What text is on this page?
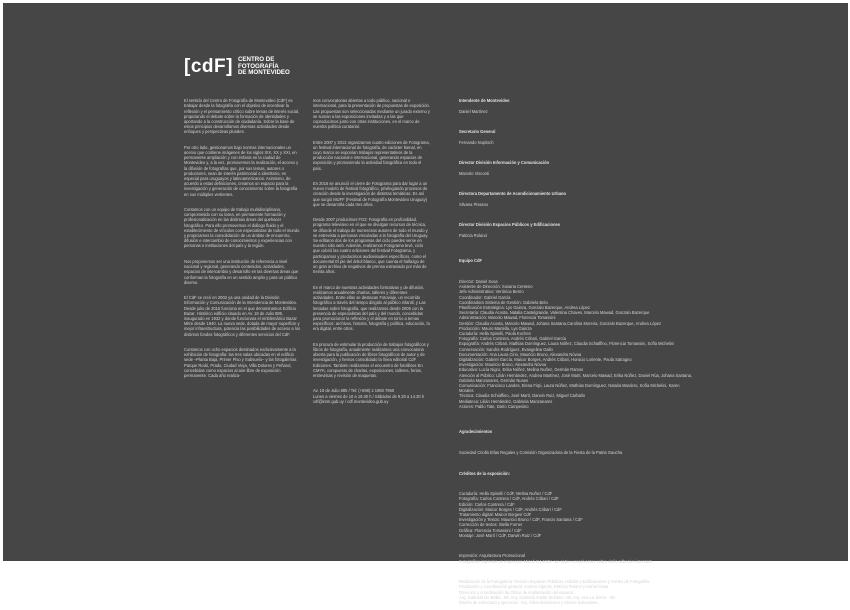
[cdF] CENTRO DE
FOTOGRAFÍA
DE MONTEVIDEO

El sentido del Centro de Fotografía de Montevideo (CdF) es trabajar desde la fotografía con el objetivo de incentivar la reflexión y el pensamiento crítico sobre temas de interés social, propiciando el debate sobre la formación de identidades y aportando a la construcción de ciudadanía. Sobre la base de estos principios desarrollamos diversas actividades desde enfoques y perspectivas plurales.

Por otro lado, gestionamos bajo normas internacionales un acervo que contiene imágenes de los siglos XIX, XX y XXI, en permanente ampliación y con énfasis en la ciudad de Montevideo y, a la vez, promovemos la realización, el acceso y la difusión de fotografías que, por sus temas, autores o productores, sean de interés patrimonial o identitario, en especial para uruguayos y latinoamericanos. Asimismo, de acuerdo a estas definiciones, creamos un espacio para la investigación y generación de conocimiento sobre la fotografía en sus múltiples vertientes.

Contamos con un equipo de trabajo multidisciplinario, comprometido con su tarea, en permanente formación y profesionalización en las distintas áreas del quehacer fotográfico. Para ello promovemos el diálogo fluido y el establecimiento de vínculos con especialistas de todo el mundo y propiciamos la consolidación de un ámbito de encuentro, difusión e intercambio de conocimientos y experiencias con personas e instituciones del país y la región.

Nos proponemos ser una institución de referencia a nivel nacional y regional, generando contenidos, actividades, espacios de intercambio y desarrollo en las diversas áreas que conforman la fotografía en un sentido amplio y para un público diverso.

El CdF se creó en 2002 ya una unidad de la División Información y Comunicación de la Intendencia de Montevideo. Desde julio de 2015 funciona en el que denominamos Edificio Bazar. Histórico edificio situado en Av. 18 de Julio 885, inaugurado en 1932 y donde funcionara el emblemático Bazar Mitre desde 1940. La nueva sede, dotada de mayor superficie y mejor infraestructura, potencia las posibilidades de acceso a los distintos fondos fotográficos y diferentes servicios del CdF.

Contamos con ocho espacios destinados exclusivamente a la exhibición de fotografía: las tres salas ubicadas en el edificio sede –Planta Baja, Primer Piso y Subsuelo– y las fotogalerías Parque Rodó, Prado, Ciudad Vieja, Villa Dolores y Peñarol, concebidas como espacios al aire libre de exposición permanente. Cada año realiza-

mos convocatorias abiertas a todo público, nacional e internacional, para la presentación de propuestas de exposición. Las propuestas son seleccionadas mediante un jurado externo y se suman a las exposiciones invitadas y a las que coproducimos junto con otras instituciones, en el marco de nuestra política curatorial.

Entre 2007 y 2013 organizamos cuatro ediciones de Fotograma, un festival internacional de fotografía, de carácter bienal, en cuyo marco se exponían trabajos representativos de la producción nacional e internacional, generando espacios de exposición y promoviendo la actividad fotográfica en todo el país.

En 2016 se anunció el cierre de Fotograma para dar lugar a un nuevo modelo de festival fotográfico, privilegiando procesos de creación desde la investigación de distintas temáticas. Es así que surgió MUFF (Festival de Fotografía Montevideo Uruguay) que se desarrolla cada tres años.

Desde 2007 producimos FO2: Fotografía en profundidad, programa televisivo en el que se divulgan recursos de técnica, se difunde el trabajo de numerosos autores de todo el mundo y se entrevista a personas vinculadas a la fotografía del Uruguay. Se editaron dos de los programas del ciclo puedes verse en nuestro sitio web. Además, realizamos Fotograma tevé, ciclo que cubrió las cuatro ediciones del festival Fotograma, y participamos y producimos audiovisuales específicos, como el documental El pie del árbol blanco, que cuenta el hallazgo de un gran archivo de negativos de prensa extraviado por más de treinta años.

En el marco de nuestras actividades formativas y de difusión, realizamos anualmente charlas, talleres y diferentes actividades. Entre ellas se destacan Fotoviaje, un recorrido fotográfico a través del tiempo dirigido al público infantil, y Las lentadas sobre fotografía, que realizamos desde 2005 con la presencia de especialistas del país y del mundo, concebidas para promocionar la reflexión y el debate en torno a temas específicos: archivos, historia, fotografía y política, educación, la era digital, entre otros.

En procura de estimular la producción de trabajos fotográficos y libros de fotografía, anualmente realizamos una convocatoria abierta para la publicación de libros fotográficos de autor y de investigación, y hemos consolidado la línea editorial CdF Ediciones. También realizamos el encuentro de fotolibros En CMYK, compuesto de charlas, exposiciones, talleres, ferias, entrevistas y revisión de maquetas.

Av. 18 de Julio 885 / Tel: (+598) 2 1950 7960
Lunes a viernes de 10 a 19.30 h / Sábados de 9.30 a 14.30 h
cdf@imm.gub.uy / cdf.montevideo.gub.uy

Intendente de Montevideo

Daniel Martínez

Secretario General

Fernando Nopitsch

Director División Información y Comunicación

Marcelo Visconti

Directora Departamento de Acondicionamiento Urbano

Silvana Pissano

Director División Espacios Públicos y Edificaciones

Patricia Roland

Equipo CdF

Director: Daniel Sosa
Asistente de Dirección: Susana Centeno
Jefe Administrativo: Verónica Berrio
Coordinador: Gabriel García
Coordinadora Sistema de Gestión: Gabriela Belo
Planificación Estratégica: Lys Gainza, Gonzalo Bazerque, Andrea López
Secretaría: Claudia Acosta, Natalia Castelgrande, Valentina Chaves, Marcelo Mawad, Gonzalo Bazerque
Administración: Marcelo Mawad, Florencia Tomassini
Gestión: Claudia Acosta, Marcelo Mawad, Johana Santana,Carolina Moreira, Gonzalo Bazerque, Andrea López
Producción: Mauro Martella, Lys Gainza
Curaduría: Hella Spinelli, Paola Kochen
Fotografía: Carlos Contrera, Andrés Cribari, Gabriel García
Expografía: Andrés Cribari, Mathías Domínguez, Laura Núñez, Claudia Schiaffino, Florencia Tomassini, Sofía Michelini
Conservación: Sandra Rodríguez, Evangelina Gallo
Documentación: Ana Laura Cirio, Mauricio Bruno, Alexandra Nóvoa
Digitalización: Gabriel García, Maicor Borges, Andrés Cribari, Horacio Loriente, Paola Satragno
Investigación: Mauricio Bruno, Alexandra Nóvoa
Educativo: Lucía Nigro, Erika Núñez, Melina Nuñez, Germán Ramos
Atención al Público: Lilián Hernández, Andrea Martínez, José Martí, Marcelo Mawad, Erika Núñez, Daniel Rúa, Johana Santana, Gabriela Manzanares, Germán Nunes
Comunicación: Francisco Landes, Elena Firpi, Laura Núñez, Mathías Domínguez, Natalia Mardero, Sofía Michelini, Karen Morales
Técnica: Claudia Schiaffino, José Martí, Darwin Ruiz, Miguel Carballo
Mediateca: Lilián Hernández, Gabriela Manzanares
Actores: Pablo Tate, Darío Campesino

Agradecimientos

Sociedad Criolla Elías Regules y Comisión Organizadora de la Fiesta de la Patria Gaucha

Créditos de la exposición:

Curaduría: Hella Spinelli / CdF, Melina Nuñez / CdF
Fotografía: Carlos Contrera / CdF, Andrés Cribari / CdF
Edición: Carlos Contrera / CdF
Digitalización: Maicor Borges / CdF, Andrés Cribari / CdF
Tratamiento digital: Maicor Borges/ CdF
Investigación y Textos: Mauricio Bruno / CdF, Francis Santana / CdF
Corrección de textos: Stella Forner
Gráfica: Florencia Tomassini / CdF
Montaje: José Martí / CdF, Darwin Ruiz / CdF

Impresión: Arquitectura Promocional
Fotografías impresas en impresora Mutoh RJ 400X con tintas ecosolventes sobre vinilo adhesivo intercast.

Realización de la Fotogalería: División Espacios Públicos, Hábitat y Edificaciones y Centro de Fotografía.
Producción y coordinación general: Andrea Vignolo, Patricia Roland y Daniel Sosa.
Dirección y coordinación de Obras de implantación del espacio:
Arq. Gabriela De Bellis - IM, Arq. Gabriela Anello Techera - IM, Arq. Ana La Sierra - IM.
Diseño de estructura y ejecución: Arq. Silvia Mansicano y Alonso Soluciones.
